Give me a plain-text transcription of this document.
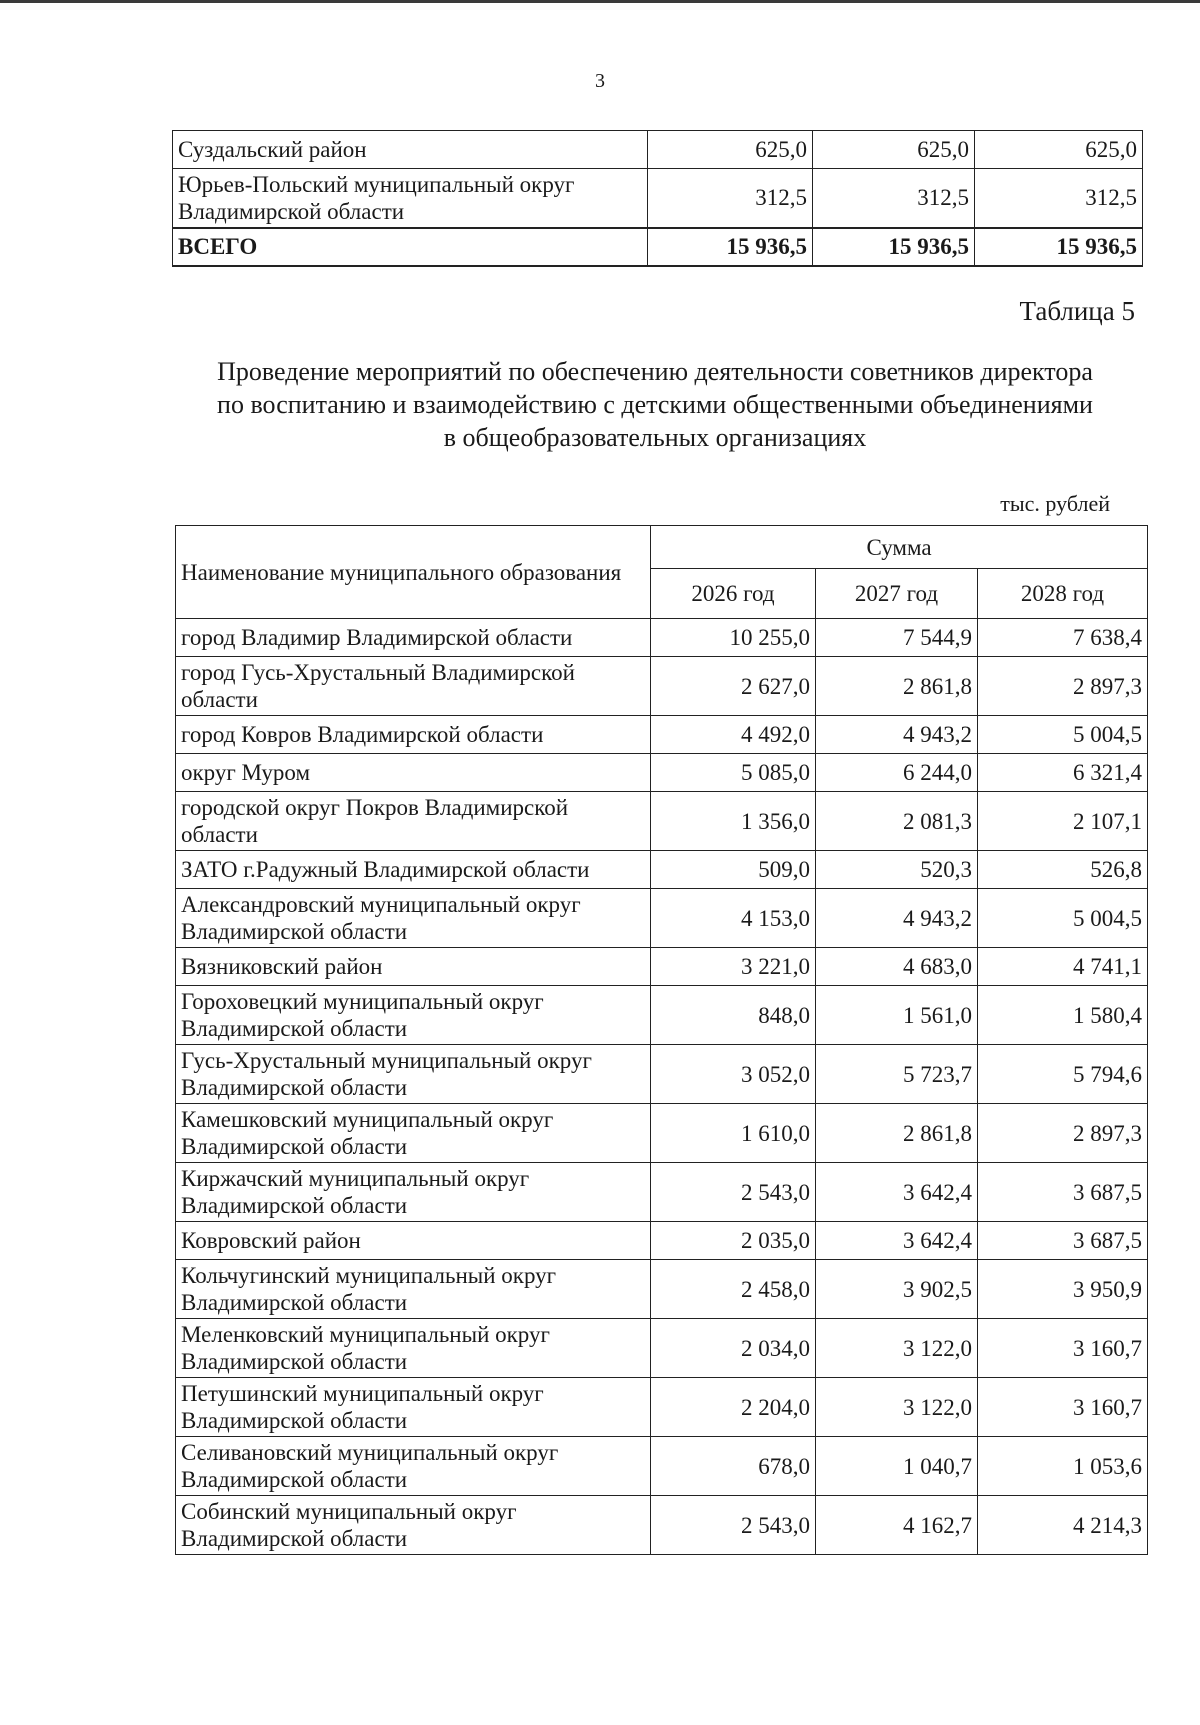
3
Суздальский район	625,0	625,0	625,0
Юрьев-Польский муниципальный округ Владимирской области	312,5	312,5	312,5
ВСЕГО	15 936,5	15 936,5	15 936,5
Таблица 5
Проведение мероприятий по обеспечению деятельности советников директора
по воспитанию и взаимодействию с детскими общественными объединениями
в общеобразовательных организациях
тыс. рублей
Наименование муниципального образования	Сумма		
	2026 год	2027 год	2028 год
город Владимир Владимирской области	10 255,0	7 544,9	7 638,4
город Гусь-Хрустальный Владимирской области	2 627,0	2 861,8	2 897,3
город Ковров Владимирской области	4 492,0	4 943,2	5 004,5
округ Муром	5 085,0	6 244,0	6 321,4
городской округ Покров Владимирской области	1 356,0	2 081,3	2 107,1
ЗАТО г.Радужный Владимирской области	509,0	520,3	526,8
Александровский муниципальный округ Владимирской области	4 153,0	4 943,2	5 004,5
Вязниковский район	3 221,0	4 683,0	4 741,1
Гороховецкий муниципальный округ Владимирской области	848,0	1 561,0	1 580,4
Гусь-Хрустальный муниципальный округ Владимирской области	3 052,0	5 723,7	5 794,6
Камешковский муниципальный округ Владимирской области	1 610,0	2 861,8	2 897,3
Киржачский муниципальный округ Владимирской области	2 543,0	3 642,4	3 687,5
Ковровский район	2 035,0	3 642,4	3 687,5
Кольчугинский муниципальный округ Владимирской области	2 458,0	3 902,5	3 950,9
Меленковский муниципальный округ Владимирской области	2 034,0	3 122,0	3 160,7
Петушинский муниципальный округ Владимирской области	2 204,0	3 122,0	3 160,7
Селивановский муниципальный округ Владимирской области	678,0	1 040,7	1 053,6
Собинский муниципальный округ Владимирской области	2 543,0	4 162,7	4 214,3
